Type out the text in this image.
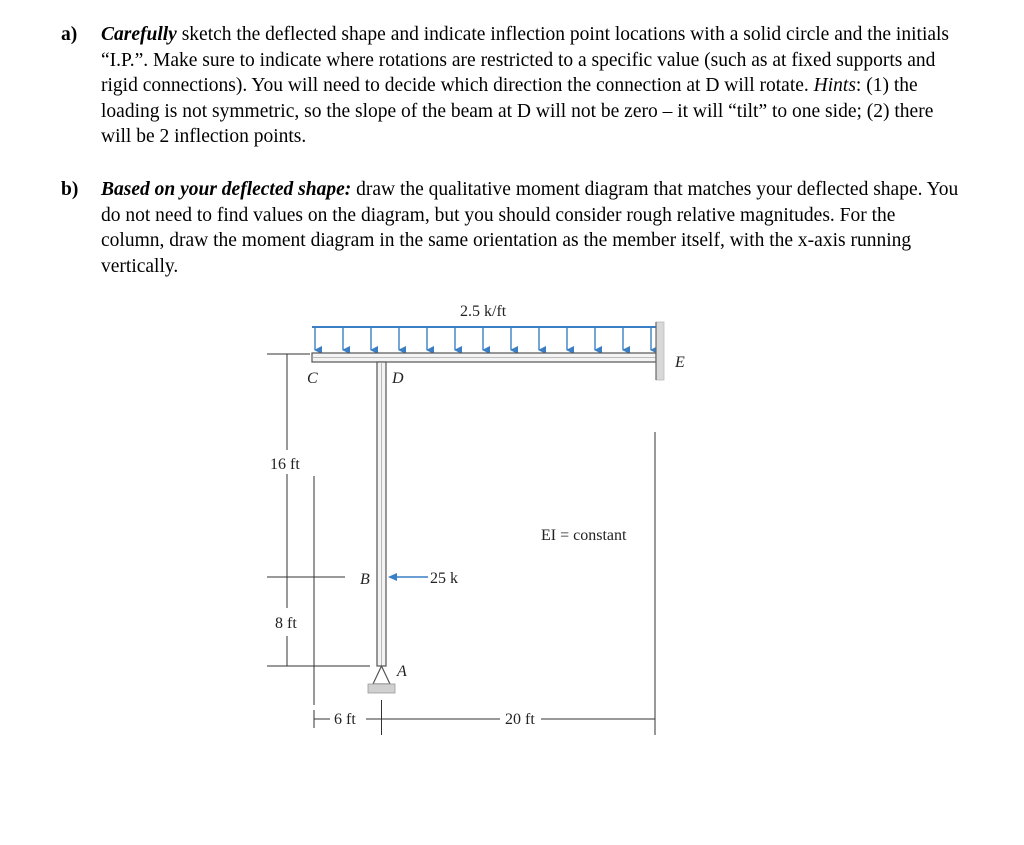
a) Carefully sketch the deflected shape and indicate inflection point locations with a solid circle and the initials “I.P.”. Make sure to indicate where rotations are restricted to a specific value (such as at fixed supports and rigid connections). You will need to decide which direction the connection at D will rotate. Hints: (1) the loading is not symmetric, so the slope of the beam at D will not be zero – it will “tilt” to one side; (2) there will be 2 inflection points.
b) Based on your deflected shape: draw the qualitative moment diagram that matches your deflected shape. You do not need to find values on the diagram, but you should consider rough relative magnitudes. For the column, draw the moment diagram in the same orientation as the member itself, with the x-axis running vertically.
2.5 k/ft
E
A
C	D
B	25 k
EI = constant
16 ft
8 ft
6 ft	20 ft
